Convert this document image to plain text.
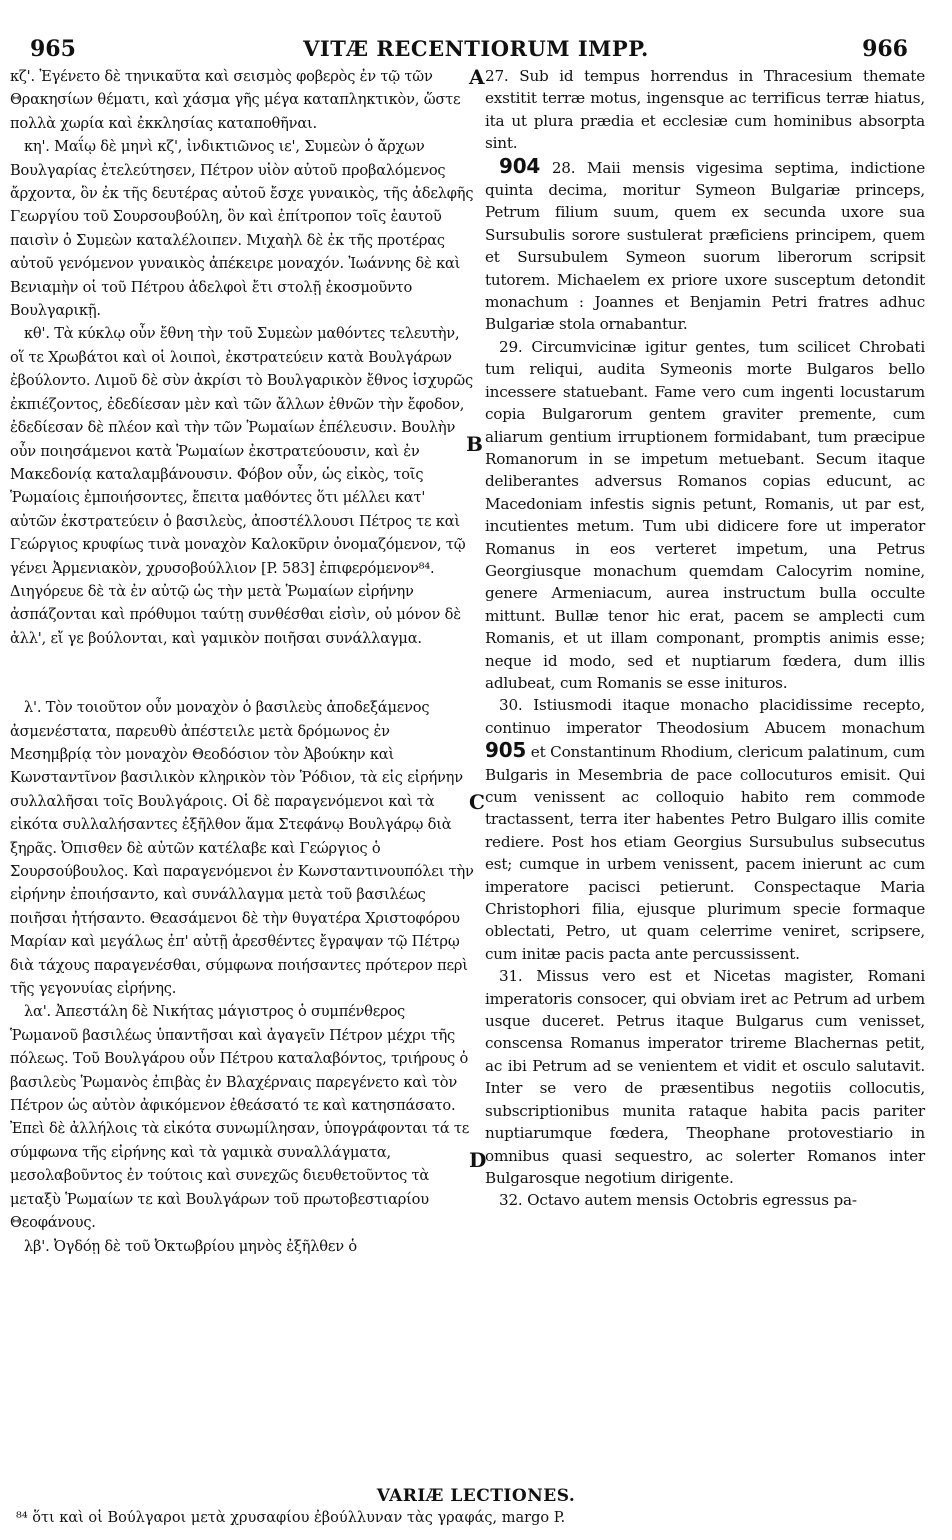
965	VITÆ RECENTIORUM IMPP.	966
A
B
C
D

κζ'. Ἐγένετο δὲ τηνικαῦτα καὶ σεισμὸς φοβερὸς ἐν τῷ τῶν Θρακησίων θέματι, καὶ χάσμα γῆς μέγα καταπληκτικὸν, ὥστε πολλὰ χωρία καὶ ἐκκλησίας καταποθῆναι.

κη'. Μαΐῳ δὲ μηνὶ κζ', ἰνδικτιῶνος ιε', Συμεὼν ὁ ἄρχων Βουλγαρίας ἐτελεύτησεν, Πέτρον υἱὸν αὐτοῦ προβαλόμενος ἄρχοντα, ὃν ἐκ τῆς δευτέρας αὐτοῦ ἔσχε γυναικὸς, τῆς ἀδελφῆς Γεωργίου τοῦ Σουρσουβούλη, ὃν καὶ ἐπίτροπον τοῖς ἑαυτοῦ παισὶν ὁ Συμεὼν καταλέλοιπεν. Μιχαὴλ δὲ ἐκ τῆς προτέρας αὐτοῦ γενόμενον γυναικὸς ἀπέκειρε μοναχόν. Ἰωάννης δὲ καὶ Βενιαμὴν οἱ τοῦ Πέτρου ἀδελφοὶ ἔτι στολῇ ἐκοσμοῦντο Βουλγαρικῇ.

κθ'. Τὰ κύκλῳ οὖν ἔθνη τὴν τοῦ Συμεὼν μαθόντες τελευτὴν, οἵ τε Χρωβάτοι καὶ οἱ λοιποὶ, ἐκστρατεύειν κατὰ Βουλγάρων ἐβούλοντο. Λιμοῦ δὲ σὺν ἀκρίσι τὸ Βουλγαρικὸν ἔθνος ἰσχυρῶς ἐκπιέζοντος, ἐδεδίεσαν μὲν καὶ τῶν ἄλλων ἐθνῶν τὴν ἔφοδον, ἐδεδίεσαν δὲ πλέον καὶ τὴν τῶν Ῥωμαίων ἐπέλευσιν. Βουλὴν οὖν ποιησάμενοι κατὰ Ῥωμαίων ἐκστρατεύουσιν, καὶ ἐν Μακεδονίᾳ καταλαμβάνουσιν. Φόβον οὖν, ὡς εἰκὸς, τοῖς Ῥωμαίοις ἐμποιήσοντες, ἔπειτα μαθόντες ὅτι μέλλει κατ' αὐτῶν ἐκστρατεύειν ὁ βασιλεὺς, ἀποστέλλουσι Πέτρος τε καὶ Γεώργιος κρυφίως τινὰ μοναχὸν Καλοκῦριν ὀνομαζόμενον, τῷ γένει Ἀρμενιακὸν, χρυσοβούλλιον [P. 583] ἐπιφερόμενον⁸⁴. Διηγόρευε δὲ τὰ ἐν αὐτῷ ὡς τὴν μετὰ Ῥωμαίων εἰρήνην ἀσπάζονται καὶ πρόθυμοι ταύτῃ συνθέσθαι εἰσὶν, οὐ μόνον δὲ ἀλλ', εἴ γε βούλονται, καὶ γαμικὸν ποιῆσαι συνάλλαγμα.

λ'. Τὸν τοιοῦτον οὖν μοναχὸν ὁ βασιλεὺς ἀποδεξάμενος ἀσμενέστατα, παρευθὺ ἀπέστειλε μετὰ δρόμωνος ἐν Μεσημβρίᾳ τὸν μοναχὸν Θεοδόσιον τὸν Ἀβούκην καὶ Κωνσταντῖνον βασιλικὸν κληρικὸν τὸν Ῥόδιον, τὰ εἰς εἰρήνην συλλαλῆσαι τοῖς Βουλγάροις. Οἱ δὲ παραγενόμενοι καὶ τὰ εἰκότα συλλαλήσαντες ἐξῆλθον ἅμα Στεφάνῳ Βουλγάρῳ διὰ ξηρᾶς. Ὀπισθεν δὲ αὐτῶν κατέλαβε καὶ Γεώργιος ὁ Σουρσούβουλος. Καὶ παραγενόμενοι ἐν Κωνσταντινουπόλει τὴν εἰρήνην ἐποιήσαντο, καὶ συνάλλαγμα μετὰ τοῦ βασιλέως ποιῆσαι ἠτήσαντο. Θεασάμενοι δὲ τὴν θυγατέρα Χριστοφόρου Μαρίαν καὶ μεγάλως ἐπ' αὐτῇ ἀρεσθέντες ἔγραψαν τῷ Πέτρῳ διὰ τάχους παραγενέσθαι, σύμφωνα ποιήσαντες πρότερον περὶ τῆς γεγονυίας εἰρήνης.

λα'. Ἀπεστάλη δὲ Νικήτας μάγιστρος ὁ συμπένθερος Ῥωμανοῦ βασιλέως ὑπαντῆσαι καὶ ἀγαγεῖν Πέτρον μέχρι τῆς πόλεως. Τοῦ Βουλγάρου οὖν Πέτρου καταλαβόντος, τριήρους ὁ βασιλεὺς Ῥωμανὸς ἐπιβὰς ἐν Βλαχέρναις παρεγένετο καὶ τὸν Πέτρον ὡς αὐτὸν ἀφικόμενον ἐθεάσατό τε καὶ κατησπάσατο. Ἐπεὶ δὲ ἀλλήλοις τὰ εἰκότα συνωμίλησαν, ὑπογράφονται τά τε σύμφωνα τῆς εἰρήνης καὶ τὰ γαμικὰ συναλλάγματα, μεσολαβοῦντος ἐν τούτοις καὶ συνεχῶς διευθετοῦντος τὰ μεταξὺ Ῥωμαίων τε καὶ Βουλγάρων τοῦ πρωτοβεστιαρίου Θεοφάνους.

λβ'. Ὀγδόῃ δὲ τοῦ Ὀκτωβρίου μηνὸς ἐξῆλθεν ὁ

27. Sub id tempus horrendus in Thracesium themate exstitit terræ motus, ingensque ac terrificus terræ hiatus, ita ut plura prædia et ecclesiæ cum hominibus absorpta sint.

904 28. Maii mensis vigesima septima, indictione quinta decima, moritur Symeon Bulgariæ princeps, Petrum filium suum, quem ex secunda uxore sua Sursubulis sorore sustulerat præficiens principem, quem et Sursubulem Symeon suorum liberorum scripsit tutorem. Michaelem ex priore uxore susceptum detondit monachum : Joannes et Benjamin Petri fratres adhuc Bulgariæ stola ornabantur.

29. Circumvicinæ igitur gentes, tum scilicet Chrobati tum reliqui, audita Symeonis morte Bulgaros bello incessere statuebant. Fame vero cum ingenti locustarum copia Bulgarorum gentem graviter premente, cum aliarum gentium irruptionem formidabant, tum præcipue Romanorum in se impetum metuebant. Secum itaque deliberantes adversus Romanos copias educunt, ac Macedoniam infestis signis petunt, Romanis, ut par est, incutientes metum. Tum ubi didicere fore ut imperator Romanus in eos verteret impetum, una Petrus Georgiusque monachum quemdam Calocyrim nomine, genere Armeniacum, aurea instructum bulla occulte mittunt. Bullæ tenor hic erat, pacem se amplecti cum Romanis, et ut illam componant, promptis animis esse; neque id modo, sed et nuptiarum fœdera, dum illis adlubeat, cum Romanis se esse inituros.

30. Istiusmodi itaque monacho placidissime recepto, continuo imperator Theodosium Abucem monachum 905 et Constantinum Rhodium, clericum palatinum, cum Bulgaris in Mesembria de pace collocuturos emisit. Qui cum venissent ac colloquio habito rem commode tractassent, terra iter habentes Petro Bulgaro illis comite rediere. Post hos etiam Georgius Sursubulus subsecutus est; cumque in urbem venissent, pacem inierunt ac cum imperatore pacisci petierunt. Conspectaque Maria Christophori filia, ejusque plurimum specie formaque oblectati, Petro, ut quam celerrime veniret, scripsere, cum initæ pacis pacta ante percussissent.

31. Missus vero est et Nicetas magister, Romani imperatoris consocer, qui obviam iret ac Petrum ad urbem usque duceret. Petrus itaque Bulgarus cum venisset, conscensa Romanus imperator trireme Blachernas petit, ac ibi Petrum ad se venientem et vidit et osculo salutavit. Inter se vero de præsentibus negotiis collocutis, subscriptionibus munita rataque habita pacis pariter nuptiarumque fœdera, Theophane protovestiario in omnibus quasi sequestro, ac solerter Romanos inter Bulgarosque negotium dirigente.

32. Octavo autem mensis Octobris egressus pa-

VARIÆ LECTIONES.
⁸⁴ ὅτι καὶ οἱ Βούλγαροι μετὰ χρυσαφίου ἐβούλλυναν τὰς γραφάς, margo P.
